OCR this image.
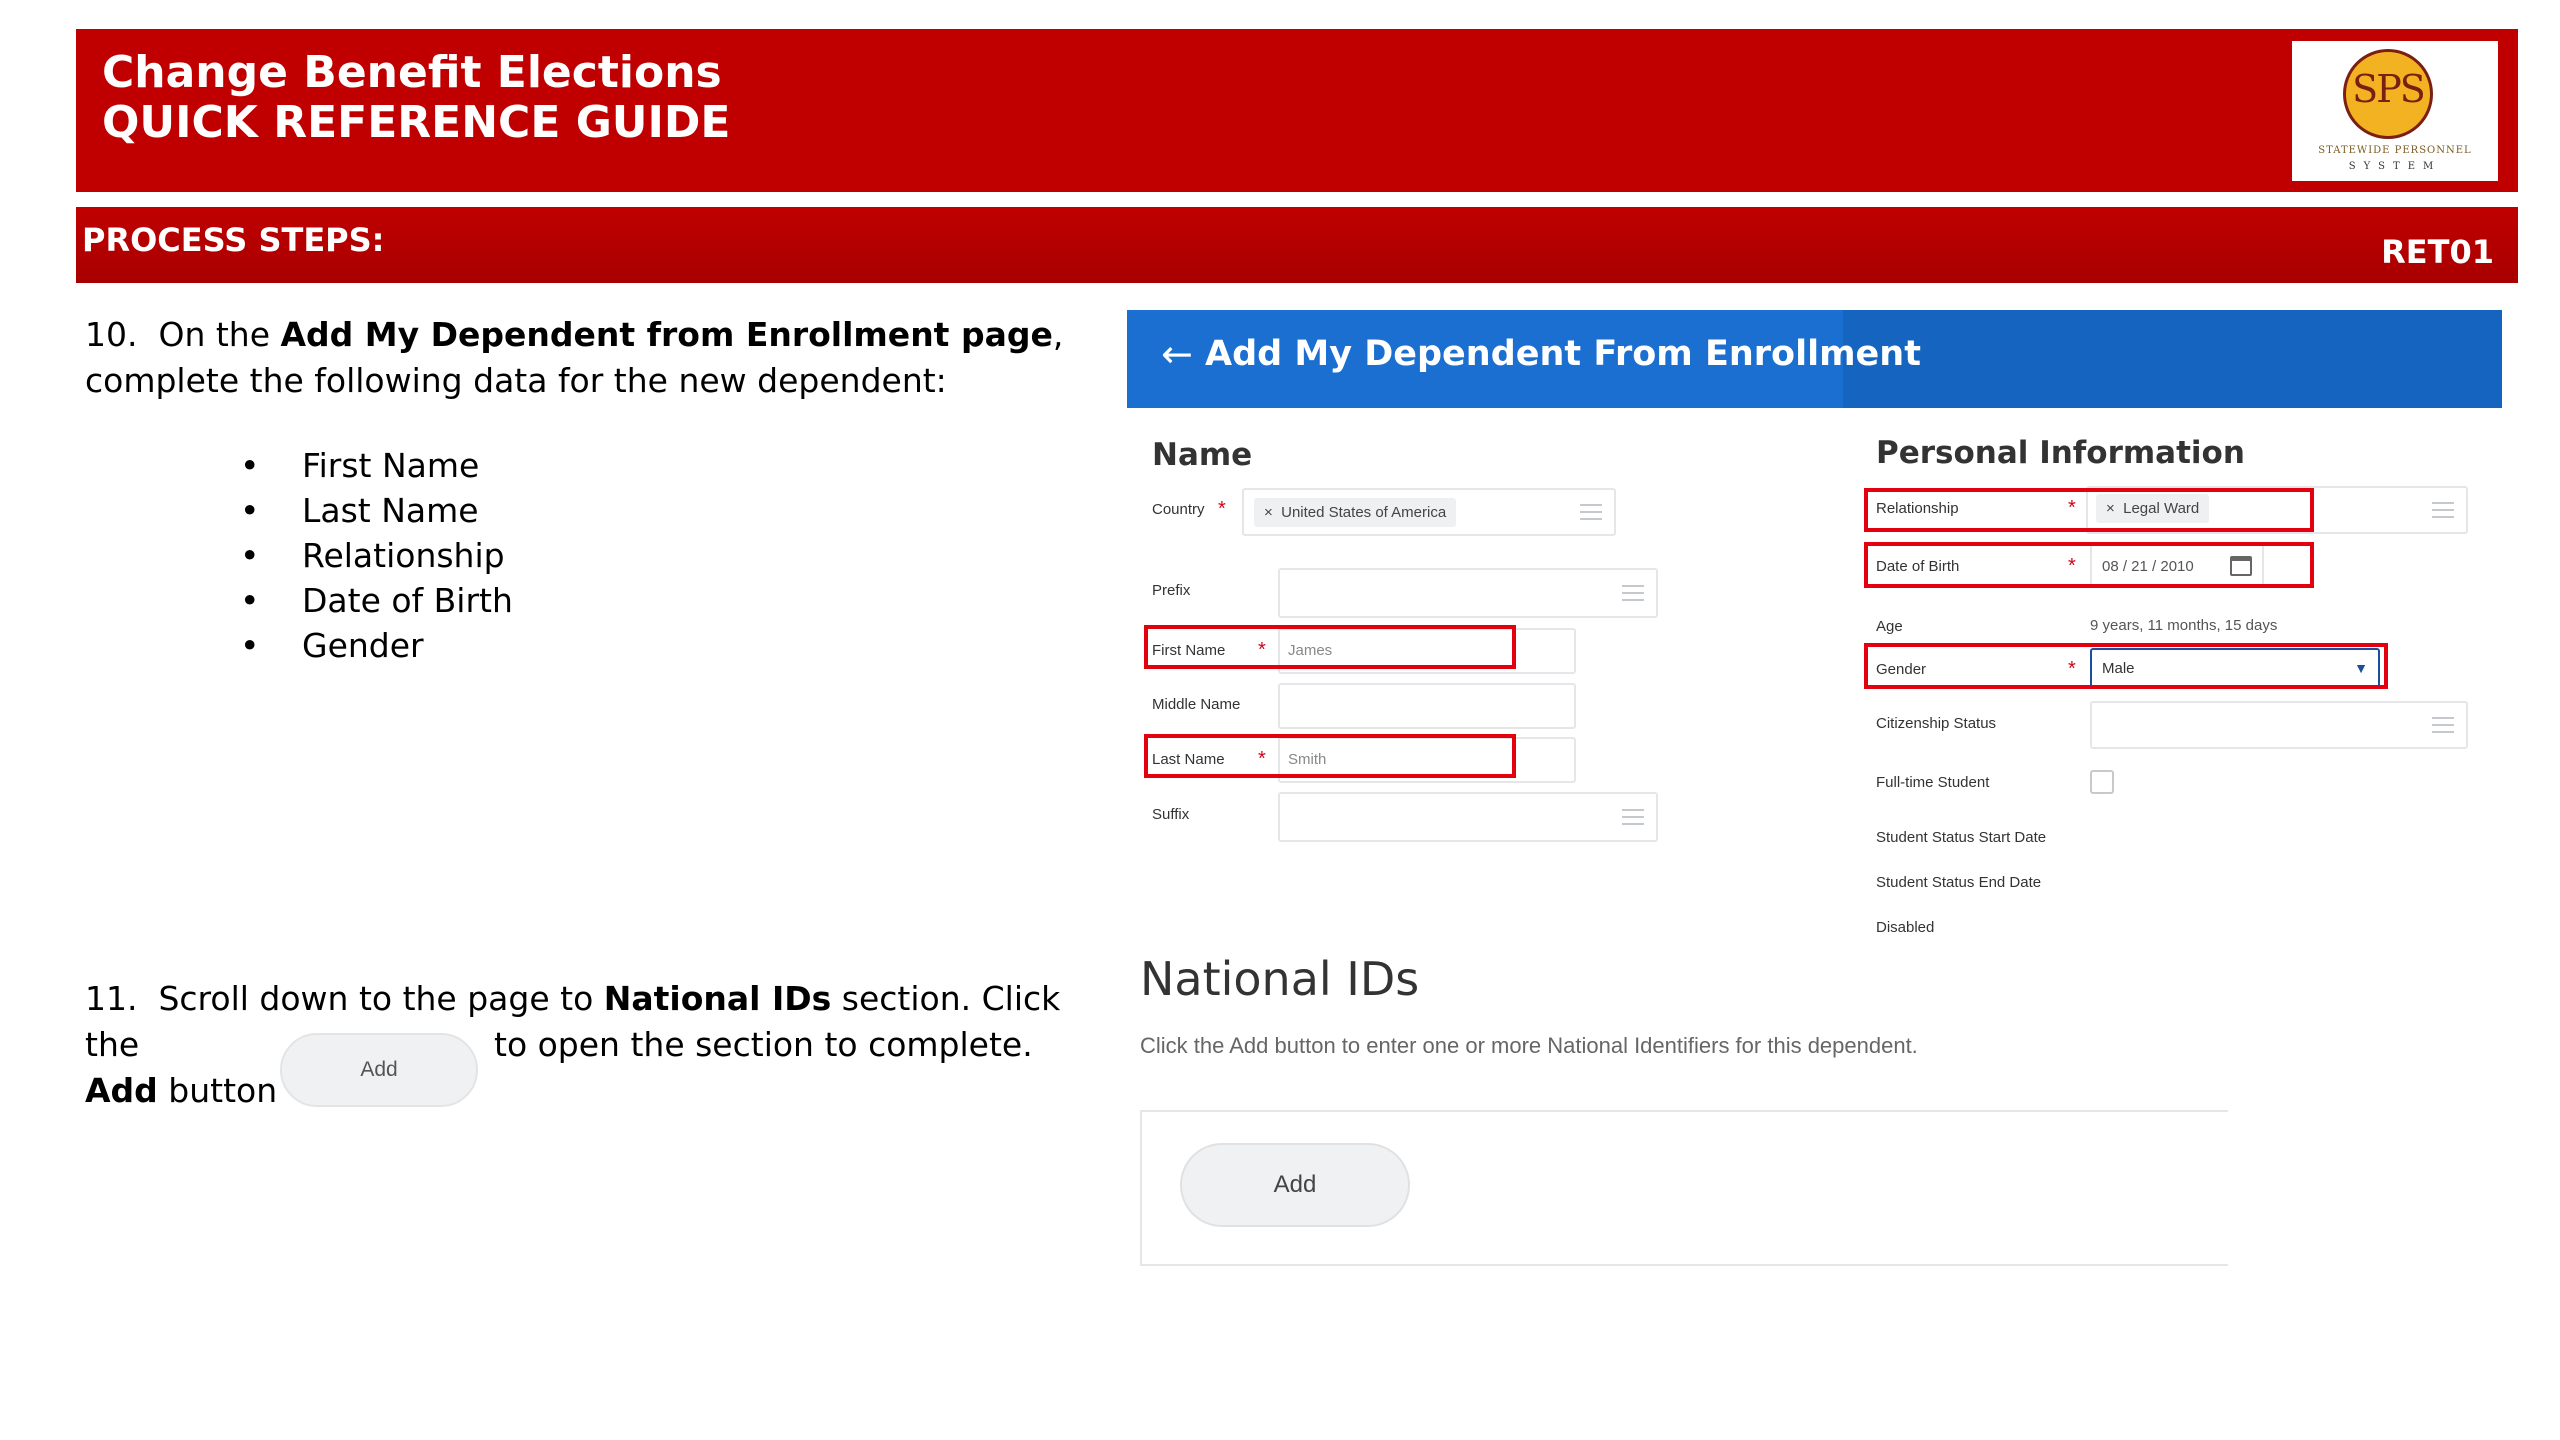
Change Benefit Elections
QUICK REFERENCE GUIDE
SPS
STATEWIDE PERSONNEL
SYSTEM
PROCESS STEPS:	RET01
10. On the Add My Dependent from Enrollment page, complete the following data for the new dependent:
• First Name
• Last Name
• Relationship
• Date of Birth
• Gender
11. Scroll down to the page to National IDs section. Click the
Add button
Add
to open the section to complete.
← Add My Dependent From Enrollment
Name
Country *	×  United States of America
Prefix
First Name * James
Middle Name
Last Name * Smith
Suffix
Personal Information
Relationship	*	×  Legal Ward
Date of Birth	* 08 / 21 / 2010
Age	9 years, 11 months, 15 days
▼
Gender	* Male
Citizenship Status
Full-time Student
Student Status Start Date
Student Status End Date
Disabled
National IDs
Click the Add button to enter one or more National Identifiers for this dependent.
Add
